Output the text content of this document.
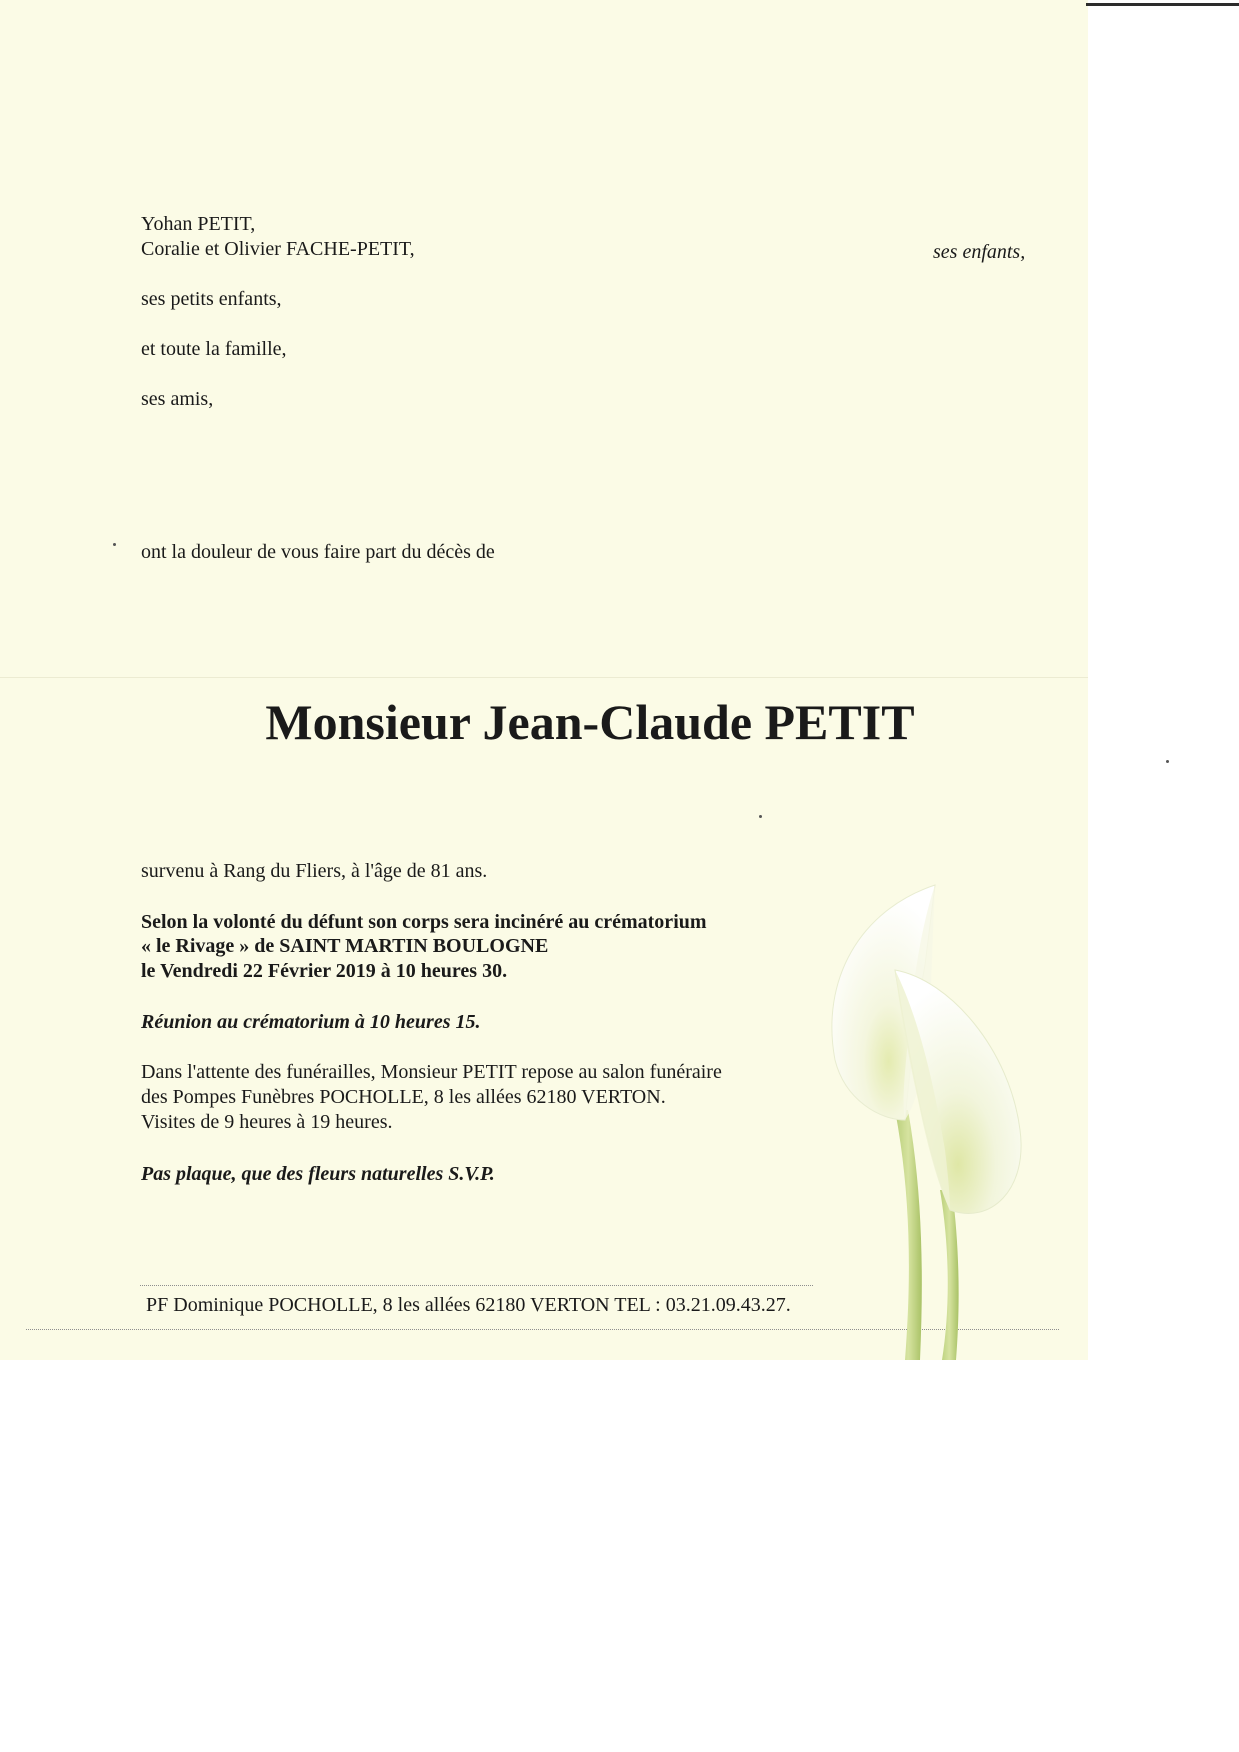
Yohan PETIT,
Coralie et Olivier FACHE-PETIT,	ses enfants,
ses petits enfants,
et toute la famille,
ses amis,
ont la douleur de vous faire part du décès de
Monsieur Jean-Claude PETIT
survenu à Rang du Fliers, à l'âge de 81 ans.
Selon la volonté du défunt son corps sera incinéré au crématorium
« le Rivage » de SAINT MARTIN BOULOGNE
le Vendredi 22 Février 2019 à 10 heures 30.
Réunion au crématorium à 10 heures 15.
Dans l'attente des funérailles, Monsieur PETIT repose au salon funéraire
des Pompes Funèbres POCHOLLE, 8 les allées 62180 VERTON.
Visites de 9 heures à 19 heures.
Pas plaque, que des fleurs naturelles S.V.P.
PF Dominique POCHOLLE, 8 les allées 62180 VERTON TEL : 03.21.09.43.27.
